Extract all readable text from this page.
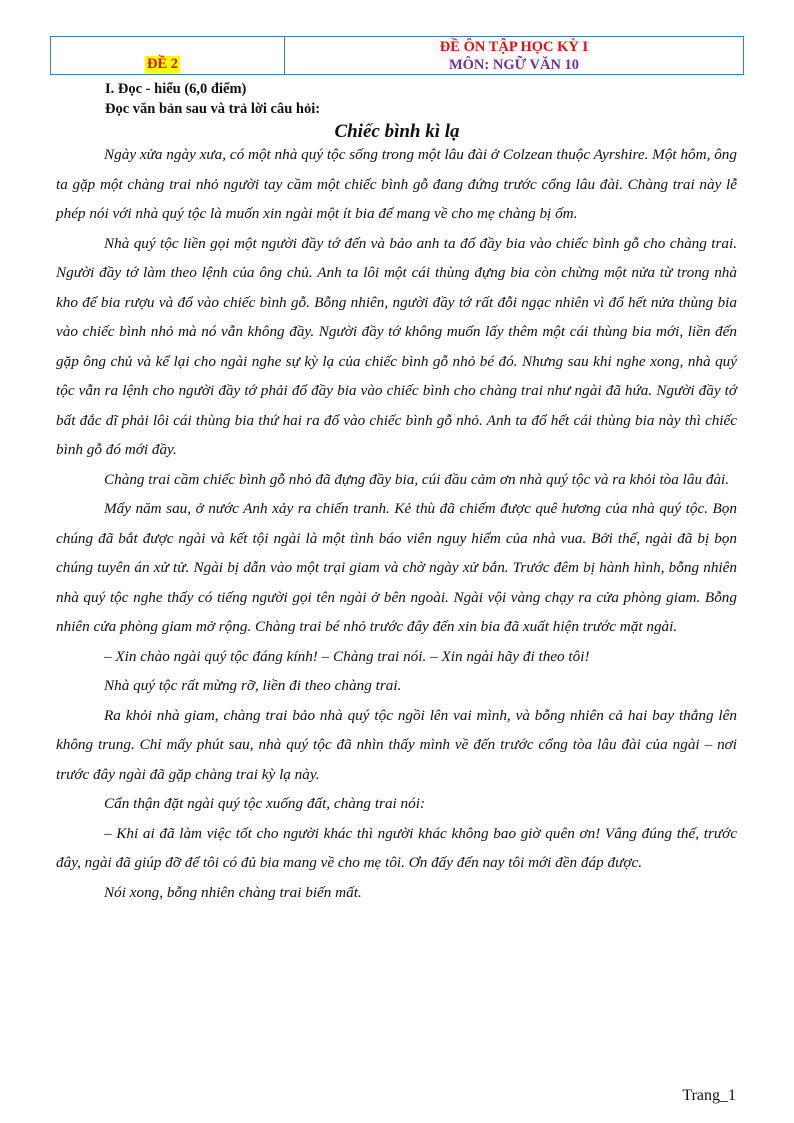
ĐỀ 2
ĐỀ ÔN TẬP HỌC KỲ I
MÔN: NGỮ VĂN 10
I. Đọc - hiểu (6,0 điểm)
Đọc văn bản sau và trả lời câu hỏi:
Chiếc bình kì lạ

Ngày xửa ngày xưa, có một nhà quý tộc sống trong một lâu đài ở Colzean thuộc Ayrshire. Một hôm, ông ta gặp một chàng trai nhỏ người tay cầm một chiếc bình gỗ đang đứng trước cổng lâu đài. Chàng trai này lễ phép nói với nhà quý tộc là muốn xin ngài một ít bia để mang về cho mẹ chàng bị ốm.

Nhà quý tộc liền gọi một người đầy tớ đến và bảo anh ta đổ đầy bia vào chiếc bình gỗ cho chàng trai. Người đầy tớ làm theo lệnh của ông chủ. Anh ta lôi một cái thùng đựng bia còn chừng một nửa từ trong nhà kho để bia rượu và đổ vào chiếc bình gỗ. Bỗng nhiên, người đầy tớ rất đỗi ngạc nhiên vì đổ hết nửa thùng bia vào chiếc bình nhỏ mà nó vẫn không đầy. Người đầy tớ không muốn lấy thêm một cái thùng bia mới, liền đến gặp ông chủ và kể lại cho ngài nghe sự kỳ lạ của chiếc bình gỗ nhỏ bé đó. Nhưng sau khi nghe xong, nhà quý tộc vẫn ra lệnh cho người đầy tớ phải đổ đầy bia vào chiếc bình cho chàng trai như ngài đã hứa. Người đầy tớ bất đắc dĩ phải lôi cái thùng bia thứ hai ra đổ vào chiếc bình gỗ nhỏ. Anh ta đổ hết cái thùng bia này thì chiếc bình gỗ đó mới đầy.

Chàng trai cầm chiếc bình gỗ nhỏ đã đựng đầy bia, cúi đầu cảm ơn nhà quý tộc và ra khỏi tòa lâu đài.

Mấy năm sau, ở nước Anh xảy ra chiến tranh. Kẻ thù đã chiếm được quê hương của nhà quý tộc. Bọn chúng đã bắt được ngài và kết tội ngài là một tình báo viên nguy hiểm của nhà vua. Bởi thế, ngài đã bị bọn chúng tuyên án xử tử. Ngài bị dẫn vào một trại giam và chờ ngày xử bắn. Trước đêm bị hành hình, bỗng nhiên nhà quý tộc nghe thấy có tiếng người gọi tên ngài ở bên ngoài. Ngài vội vàng chạy ra cửa phòng giam. Bỗng nhiên cửa phòng giam mở rộng. Chàng trai bé nhỏ trước đây đến xin bia đã xuất hiện trước mặt ngài.

– Xin chào ngài quý tộc đáng kính! – Chàng trai nói. – Xin ngài hãy đi theo tôi!

Nhà quý tộc rất mừng rỡ, liền đi theo chàng trai.

Ra khỏi nhà giam, chàng trai bảo nhà quý tộc ngồi lên vai mình, và bỗng nhiên cả hai bay thẳng lên không trung. Chỉ mấy phút sau, nhà quý tộc đã nhìn thấy mình về đến trước cổng tòa lâu đài của ngài – nơi trước đây ngài đã gặp chàng trai kỳ lạ này.

Cẩn thận đặt ngài quý tộc xuống đất, chàng trai nói:

– Khi ai đã làm việc tốt cho người khác thì người khác không bao giờ quên ơn! Vâng đúng thế, trước đây, ngài đã giúp đỡ để tôi có đủ bia mang về cho mẹ tôi. Ơn đấy đến nay tôi mới đền đáp được.

Nói xong, bỗng nhiên chàng trai biến mất.

Trang_1
